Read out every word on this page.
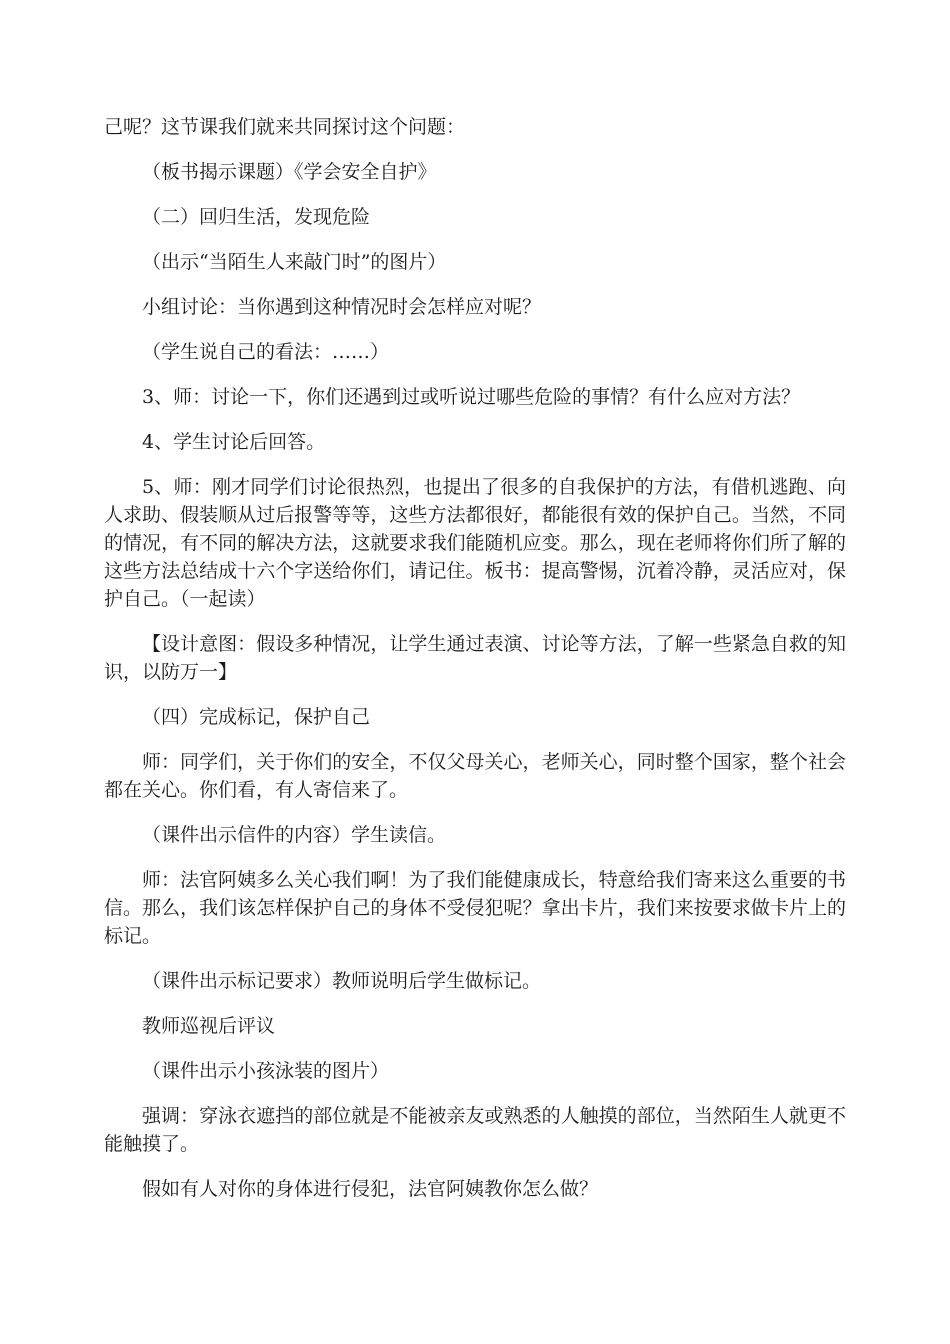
己呢？这节课我们就来共同探讨这个问题：

（板书揭示课题）《学会安全自护》

（二）回归生活，发现危险

（出示“当陌生人来敲门时”的图片）

小组讨论：当你遇到这种情况时会怎样应对呢？

（学生说自己的看法：……）

3、师：讨论一下，你们还遇到过或听说过哪些危险的事情？有什么应对方法？

4、学生讨论后回答。

5、师：刚才同学们讨论很热烈，也提出了很多的自我保护的方法，有借机逃跑、向人求助、假装顺从过后报警等等，这些方法都很好，都能很有效的保护自己。当然，不同的情况，有不同的解决方法，这就要求我们能随机应变。那么，现在老师将你们所了解的这些方法总结成十六个字送给你们，请记住。板书：提高警惕，沉着冷静，灵活应对，保护自己。（一起读）

【设计意图：假设多种情况，让学生通过表演、讨论等方法，了解一些紧急自救的知识，以防万一】

（四）完成标记，保护自己

师：同学们，关于你们的安全，不仅父母关心，老师关心，同时整个国家，整个社会都在关心。你们看，有人寄信来了。

（课件出示信件的内容）学生读信。

师：法官阿姨多么关心我们啊！为了我们能健康成长，特意给我们寄来这么重要的书信。那么，我们该怎样保护自己的身体不受侵犯呢？拿出卡片，我们来按要求做卡片上的标记。

（课件出示标记要求）教师说明后学生做标记。

教师巡视后评议

（课件出示小孩泳装的图片）

强调：穿泳衣遮挡的部位就是不能被亲友或熟悉的人触摸的部位，当然陌生人就更不能触摸了。

假如有人对你的身体进行侵犯，法官阿姨教你怎么做？
